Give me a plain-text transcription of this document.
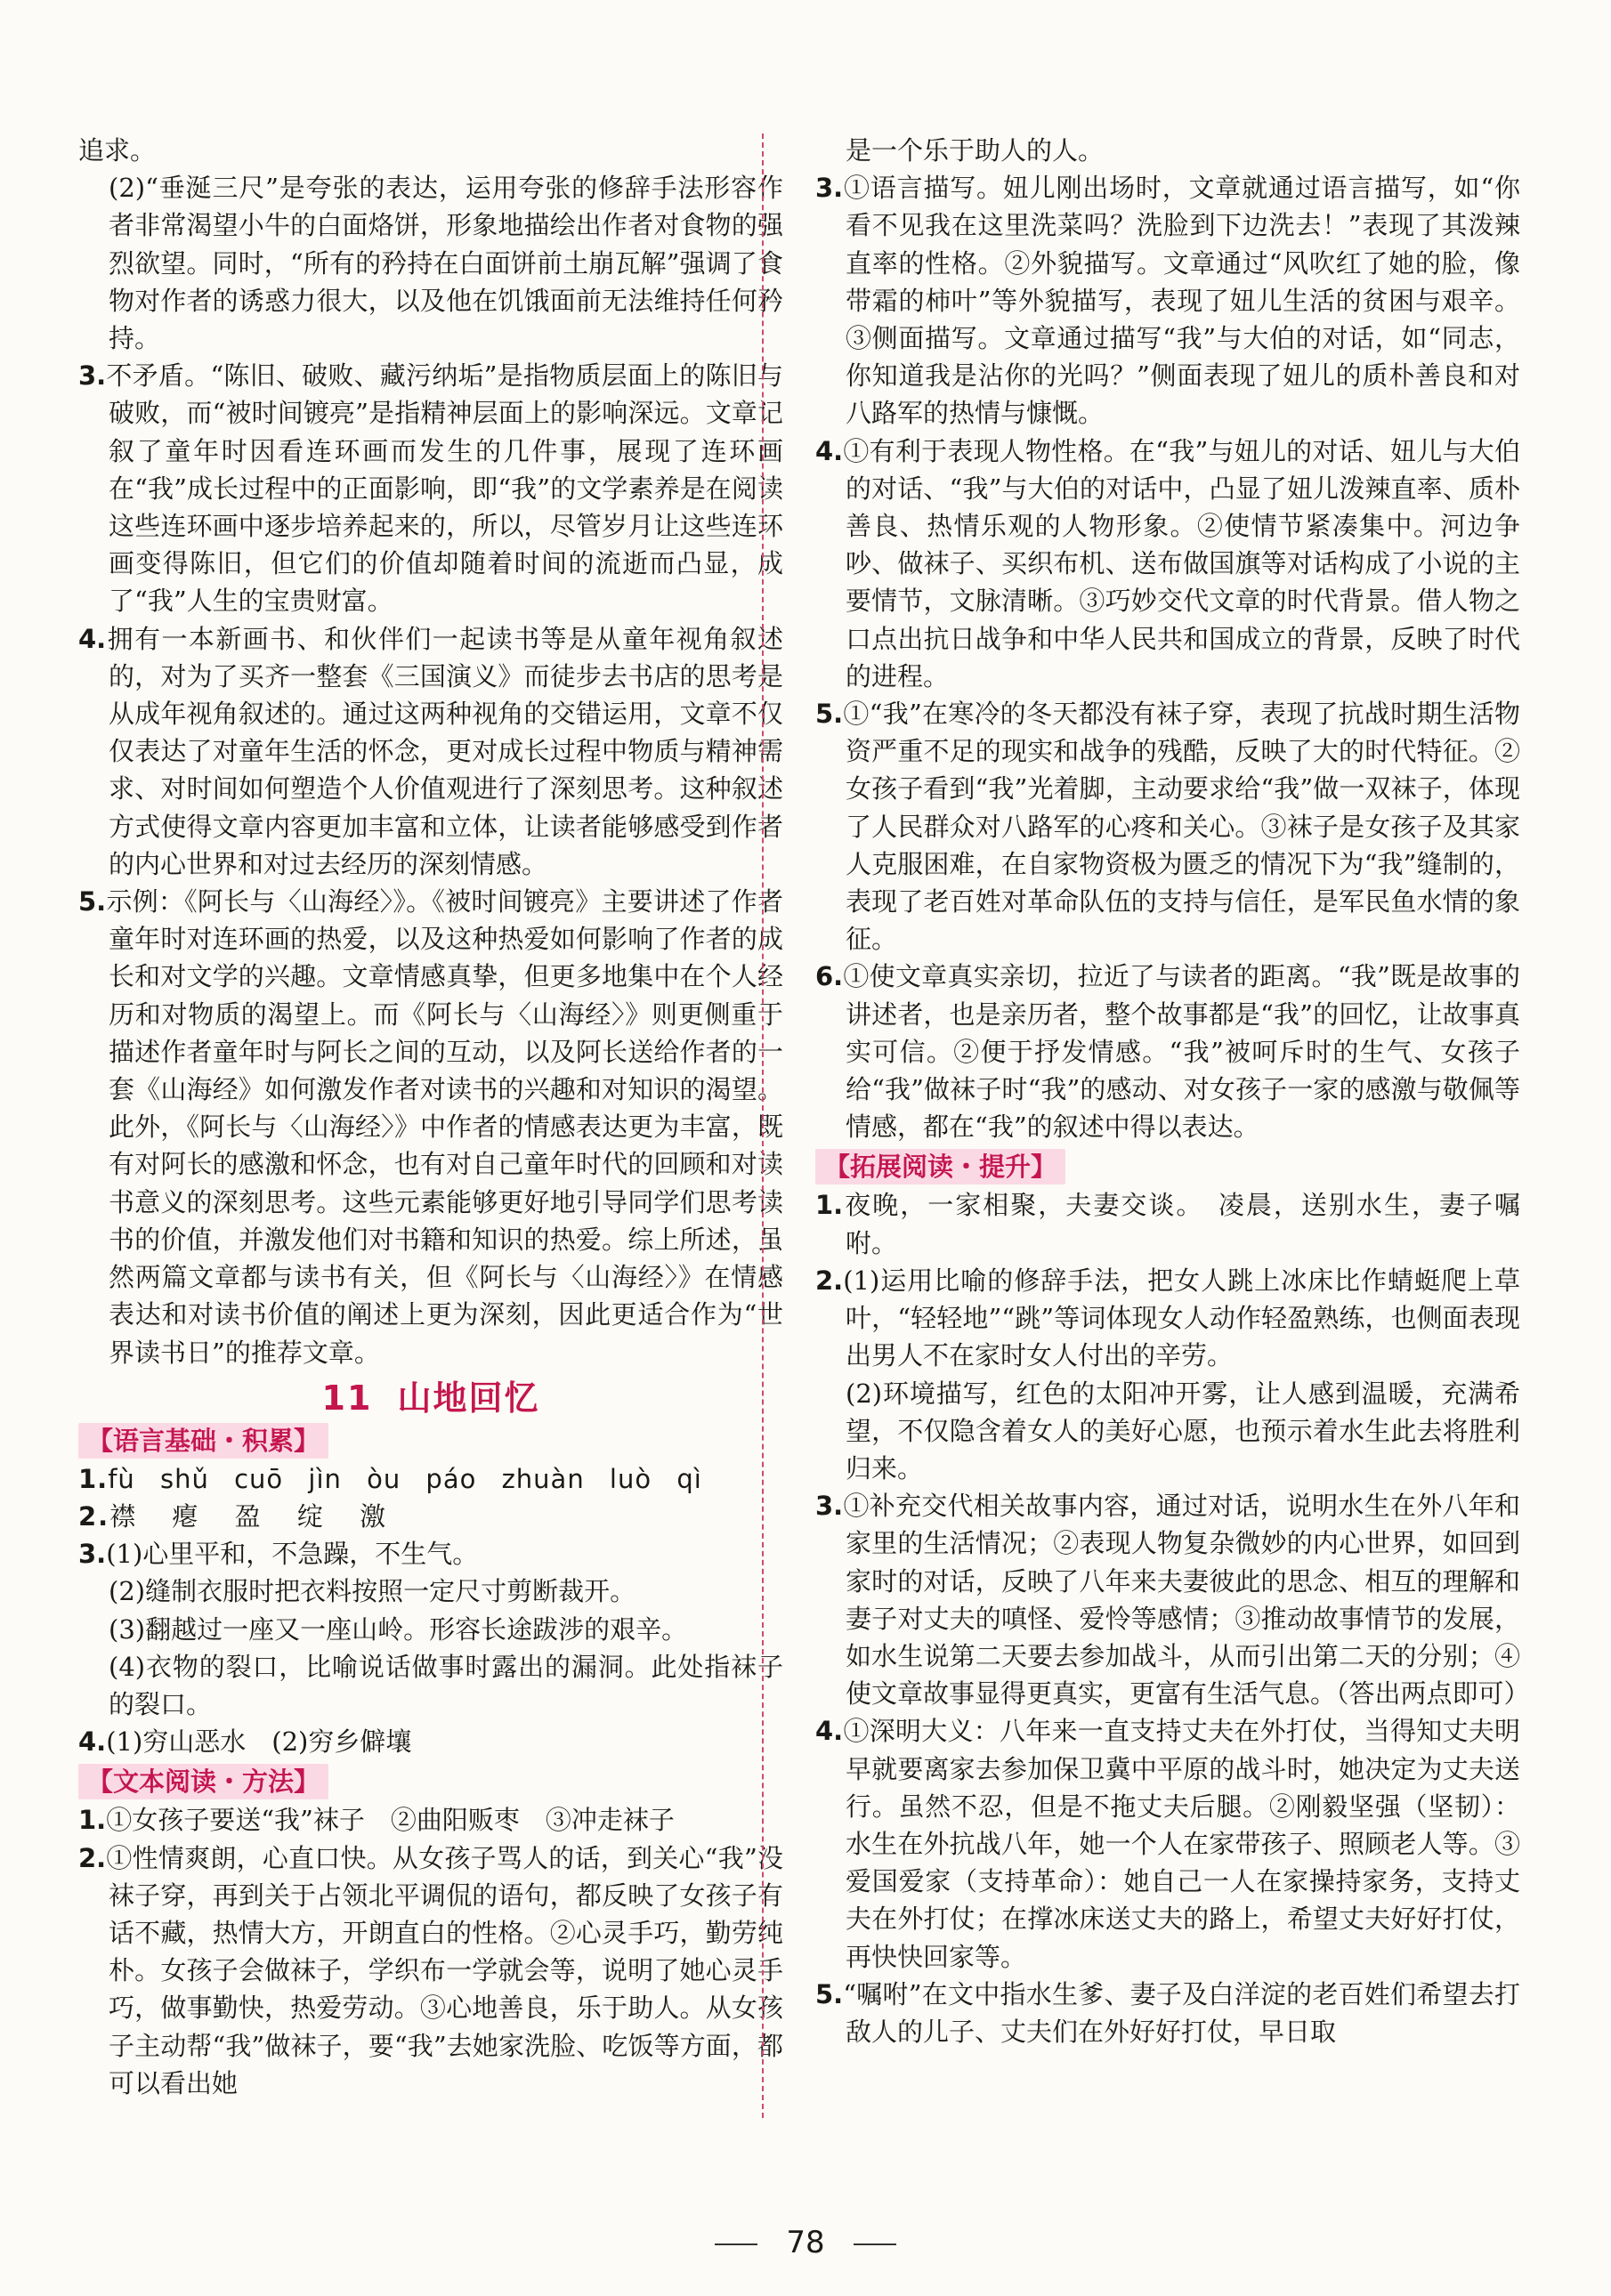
追求。

(2)“垂涎三尺”是夸张的表达，运用夸张的修辞手法形容作者非常渴望小牛的白面烙饼，形象地描绘出作者对食物的强烈欲望。同时，“所有的矜持在白面饼前土崩瓦解”强调了食物对作者的诱惑力很大，以及他在饥饿面前无法维持任何矜持。

3.不矛盾。“陈旧、破败、藏污纳垢”是指物质层面上的陈旧与破败，而“被时间镀亮”是指精神层面上的影响深远。文章记叙了童年时因看连环画而发生的几件事，展现了连环画在“我”成长过程中的正面影响，即“我”的文学素养是在阅读这些连环画中逐步培养起来的，所以，尽管岁月让这些连环画变得陈旧，但它们的价值却随着时间的流逝而凸显，成了“我”人生的宝贵财富。

4.拥有一本新画书、和伙伴们一起读书等是从童年视角叙述的，对为了买齐一整套《三国演义》而徒步去书店的思考是从成年视角叙述的。通过这两种视角的交错运用，文章不仅仅表达了对童年生活的怀念，更对成长过程中物质与精神需求、对时间如何塑造个人价值观进行了深刻思考。这种叙述方式使得文章内容更加丰富和立体，让读者能够感受到作者的内心世界和对过去经历的深刻情感。

5.示例：《阿长与〈山海经〉》。《被时间镀亮》主要讲述了作者童年时对连环画的热爱，以及这种热爱如何影响了作者的成长和对文学的兴趣。文章情感真挚，但更多地集中在个人经历和对物质的渴望上。而《阿长与〈山海经〉》则更侧重于描述作者童年时与阿长之间的互动，以及阿长送给作者的一套《山海经》如何激发作者对读书的兴趣和对知识的渴望。此外，《阿长与〈山海经〉》中作者的情感表达更为丰富，既有对阿长的感激和怀念，也有对自己童年时代的回顾和对读书意义的深刻思考。这些元素能够更好地引导同学们思考读书的价值，并激发他们对书籍和知识的热爱。综上所述，虽然两篇文章都与读书有关，但《阿长与〈山海经〉》在情感表达和对读书价值的阐述上更为深刻，因此更适合作为“世界读书日”的推荐文章。

11 山地回忆
【语言基础・积累】

1.fù shǔ cuō jìn òu páo zhuàn luò qì

2.襟 瘪 盈 绽 激

3.(1)心里平和，不急躁，不生气。

(2)缝制衣服时把衣料按照一定尺寸剪断裁开。

(3)翻越过一座又一座山岭。形容长途跋涉的艰辛。

(4)衣物的裂口，比喻说话做事时露出的漏洞。此处指袜子的裂口。

4.(1)穷山恶水　(2)穷乡僻壤

【文本阅读・方法】

1.①女孩子要送“我”袜子　②曲阳贩枣　③冲走袜子

2.①性情爽朗，心直口快。从女孩子骂人的话，到关心“我”没袜子穿，再到关于占领北平调侃的语句，都反映了女孩子有话不藏，热情大方，开朗直白的性格。②心灵手巧，勤劳纯朴。女孩子会做袜子，学织布一学就会等，说明了她心灵手巧，做事勤快，热爱劳动。③心地善良，乐于助人。从女孩子主动帮“我”做袜子，要“我”去她家洗脸、吃饭等方面，都可以看出她

是一个乐于助人的人。

3.①语言描写。妞儿刚出场时，文章就通过语言描写，如“你看不见我在这里洗菜吗？洗脸到下边洗去！”表现了其泼辣直率的性格。②外貌描写。文章通过“风吹红了她的脸，像带霜的柿叶”等外貌描写，表现了妞儿生活的贫困与艰辛。③侧面描写。文章通过描写“我”与大伯的对话，如“同志，你知道我是沾你的光吗？”侧面表现了妞儿的质朴善良和对八路军的热情与慷慨。

4.①有利于表现人物性格。在“我”与妞儿的对话、妞儿与大伯的对话、“我”与大伯的对话中，凸显了妞儿泼辣直率、质朴善良、热情乐观的人物形象。②使情节紧凑集中。河边争吵、做袜子、买织布机、送布做国旗等对话构成了小说的主要情节，文脉清晰。③巧妙交代文章的时代背景。借人物之口点出抗日战争和中华人民共和国成立的背景，反映了时代的进程。

5.①“我”在寒冷的冬天都没有袜子穿，表现了抗战时期生活物资严重不足的现实和战争的残酷，反映了大的时代特征。②女孩子看到“我”光着脚，主动要求给“我”做一双袜子，体现了人民群众对八路军的心疼和关心。③袜子是女孩子及其家人克服困难，在自家物资极为匮乏的情况下为“我”缝制的，表现了老百姓对革命队伍的支持与信任，是军民鱼水情的象征。

6.①使文章真实亲切，拉近了与读者的距离。“我”既是故事的讲述者，也是亲历者，整个故事都是“我”的回忆，让故事真实可信。②便于抒发情感。“我”被呵斥时的生气、女孩子给“我”做袜子时“我”的感动、对女孩子一家的感激与敬佩等情感，都在“我”的叙述中得以表达。

【拓展阅读・提升】

1.夜晚，一家相聚，夫妻交谈。　凌晨，送别水生，妻子嘱咐。

2.(1)运用比喻的修辞手法，把女人跳上冰床比作蜻蜓爬上草叶，“轻轻地”“跳”等词体现女人动作轻盈熟练，也侧面表现出男人不在家时女人付出的辛劳。

(2)环境描写，红色的太阳冲开雾，让人感到温暖，充满希望，不仅隐含着女人的美好心愿，也预示着水生此去将胜利归来。

3.①补充交代相关故事内容，通过对话，说明水生在外八年和家里的生活情况；②表现人物复杂微妙的内心世界，如回到家时的对话，反映了八年来夫妻彼此的思念、相互的理解和妻子对丈夫的嗔怪、爱怜等感情；③推动故事情节的发展，如水生说第二天要去参加战斗，从而引出第二天的分别；④使文章故事显得更真实，更富有生活气息。（答出两点即可）

4.①深明大义：八年来一直支持丈夫在外打仗，当得知丈夫明早就要离家去参加保卫冀中平原的战斗时，她决定为丈夫送行。虽然不忍，但是不拖丈夫后腿。②刚毅坚强（坚韧）：水生在外抗战八年，她一个人在家带孩子、照顾老人等。③爱国爱家（支持革命）：她自己一人在家操持家务，支持丈夫在外打仗；在撑冰床送丈夫的路上，希望丈夫好好打仗，再快快回家等。

5.“嘱咐”在文中指水生爹、妻子及白洋淀的老百姓们希望去打敌人的儿子、丈夫们在外好好打仗，早日取

78
